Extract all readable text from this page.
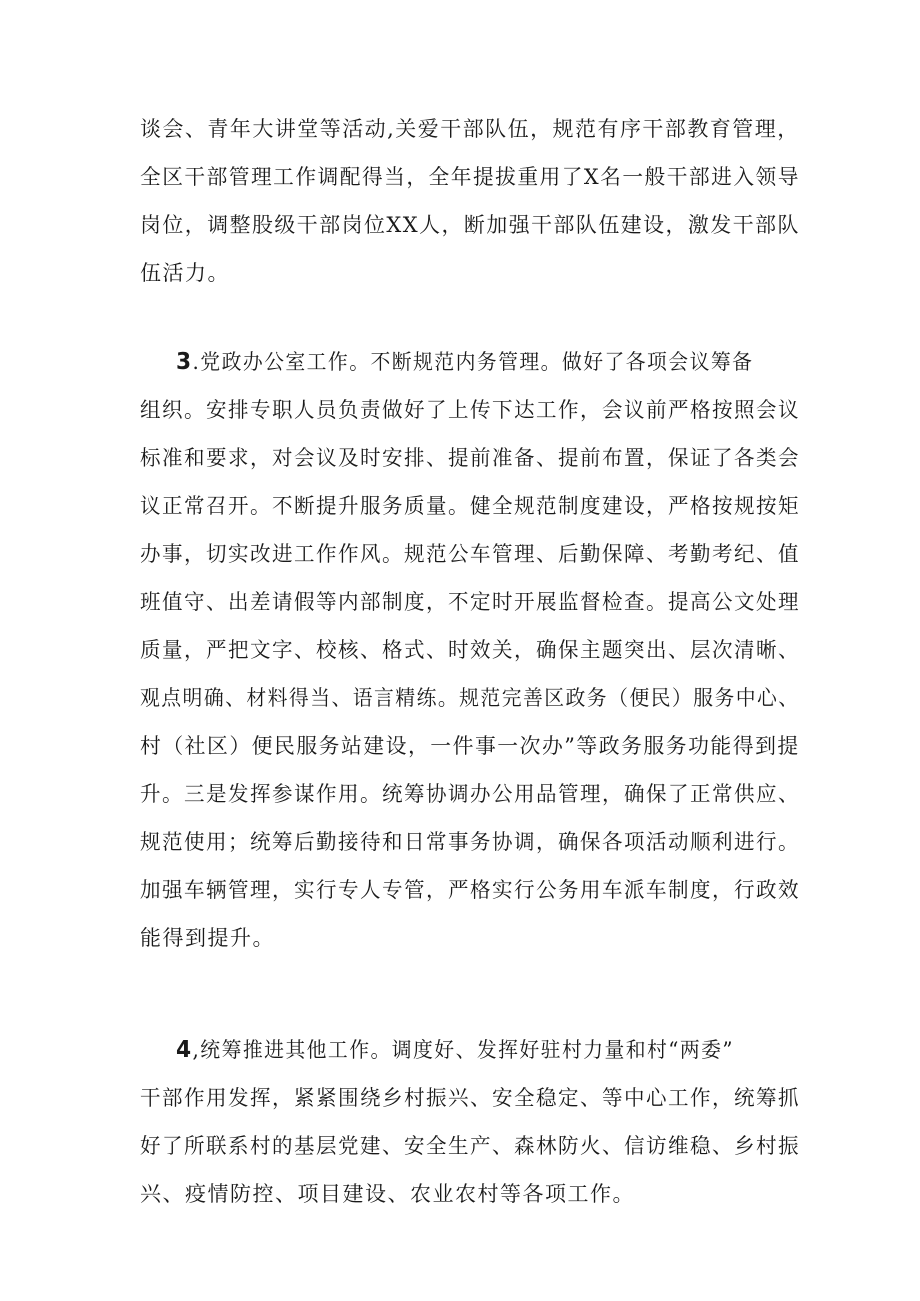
谈会、青年大讲堂等活动,关爱干部队伍，规范有序干部教育管理，
全区干部管理工作调配得当，全年提拔重用了X名一般干部进入领导
岗位，调整股级干部岗位XX人，断加强干部队伍建设，激发干部队
伍活力。
3.党政办公室工作。不断规范内务管理。做好了各项会议筹备
组织。安排专职人员负责做好了上传下达工作，会议前严格按照会议
标准和要求，对会议及时安排、提前准备、提前布置，保证了各类会
议正常召开。不断提升服务质量。健全规范制度建设，严格按规按矩
办事，切实改进工作作风。规范公车管理、后勤保障、考勤考纪、值
班值守、出差请假等内部制度，不定时开展监督检查。提高公文处理
质量，严把文字、校核、格式、时效关，确保主题突出、层次清晰、
观点明确、材料得当、语言精练。规范完善区政务（便民）服务中心、
村（社区）便民服务站建设，一件事一次办”等政务服务功能得到提
升。三是发挥参谋作用。统筹协调办公用品管理，确保了正常供应、
规范使用；统筹后勤接待和日常事务协调，确保各项活动顺利进行。
加强车辆管理，实行专人专管，严格实行公务用车派车制度，行政效
能得到提升。
4,统筹推进其他工作。调度好、发挥好驻村力量和村“两委”
干部作用发挥，紧紧围绕乡村振兴、安全稳定、等中心工作，统筹抓
好了所联系村的基层党建、安全生产、森林防火、信访维稳、乡村振
兴、疫情防控、项目建设、农业农村等各项工作。
